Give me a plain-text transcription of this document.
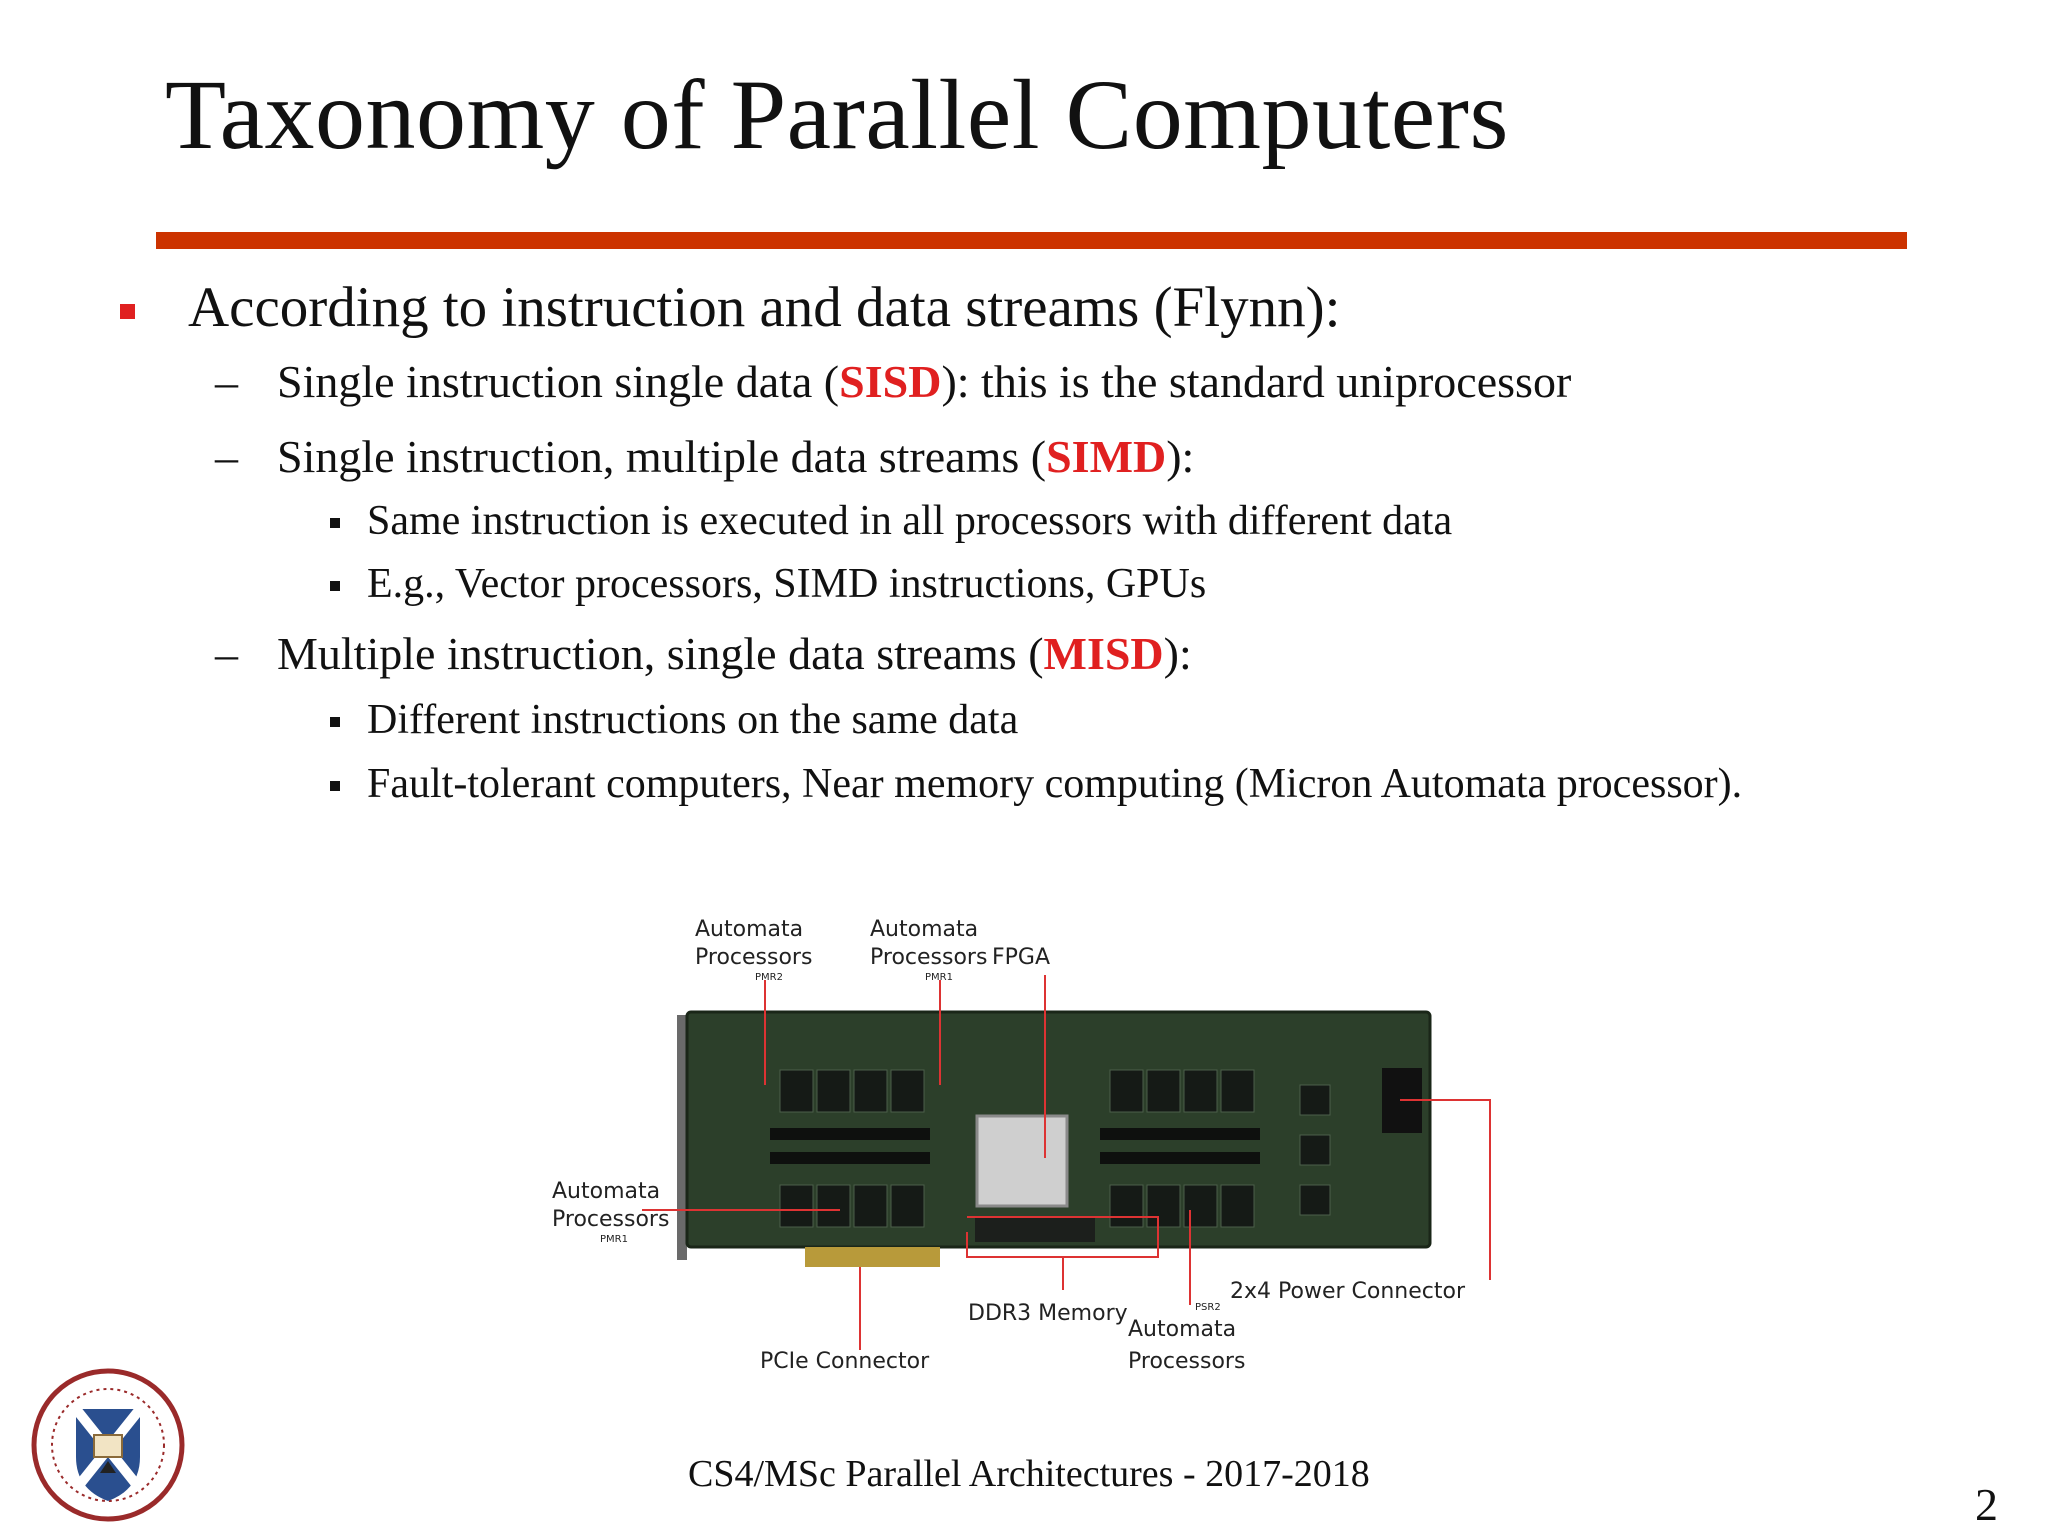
Taxonomy of Parallel Computers
According to instruction and data streams (Flynn):
– Single instruction single data (SISD): this is the standard uniprocessor
– Single instruction, multiple data streams (SIMD):
Same instruction is executed in all processors with different data
E.g., Vector processors, SIMD instructions, GPUs
– Multiple instruction, single data streams (MISD):
Different instructions on the same data
Fault-tolerant computers, Near memory computing (Micron Automata processor).
Automata
Processors
PMR2
FPGA
Automata
Processors
PMR1
Automata
Processors
PMR1
2x4 Power Connector
DDR3 Memory	PSR2
Automata
Processors
PCIe Connector
CS4/MSc Parallel Architectures - 2017-2018
2
